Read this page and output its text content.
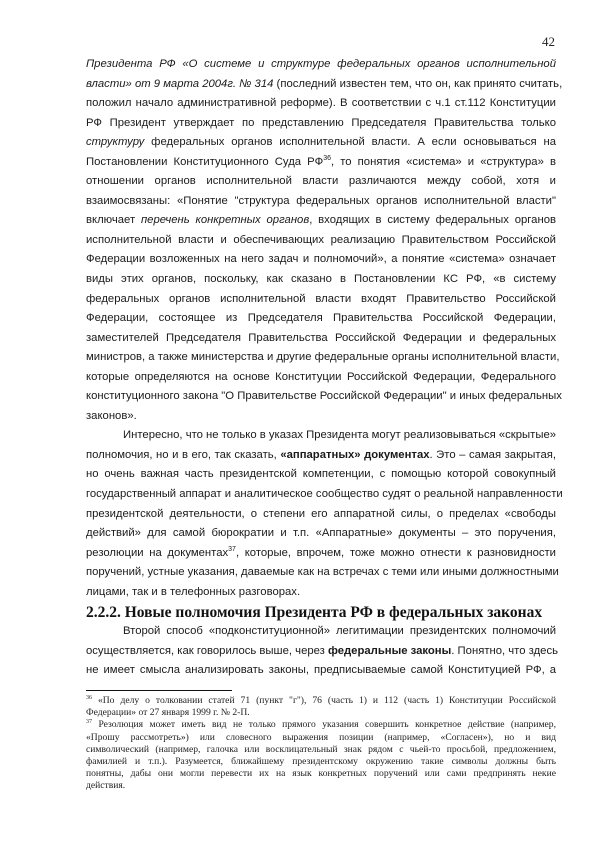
42
Президента РФ «О системе и структуре федеральных органов исполнительной
власти» от 9 марта 2004г. № 314 (последний известен тем, что он, как принято считать,
положил начало административной реформе). В соответствии с ч.1 ст.112 Конституции
РФ Президент утверждает по представлению Председателя Правительства только
структуру федеральных органов исполнительной власти. А если основываться на
Постановлении Конституционного Суда РФ$^{36}$, то понятия «система» и «структура» в
отношении органов исполнительной власти различаются между собой, хотя и
взаимосвязаны: «Понятие "структура федеральных органов исполнительной власти"
включает перечень конкретных органов, входящих в систему федеральных органов
исполнительной власти и обеспечивающих реализацию Правительством Российской
Федерации возложенных на него задач и полномочий», а понятие «система» означает
виды этих органов, поскольку, как сказано в Постановлении КС РФ, «в систему
федеральных органов исполнительной власти входят Правительство Российской
Федерации, состоящее из Председателя Правительства Российской Федерации,
заместителей Председателя Правительства Российской Федерации и федеральных
министров, а также министерства и другие федеральные органы исполнительной власти,
которые определяются на основе Конституции Российской Федерации, Федерального
конституционного закона "О Правительстве Российской Федерации" и иных федеральных
законов».
Интересно, что не только в указах Президента могут реализовываться «скрытые»
полномочия, но и в его, так сказать, «аппаратных» документах. Это – самая закрытая,
но очень важная часть президентской компетенции, с помощью которой совокупный
государственный аппарат и аналитическое сообщество судят о реальной направленности
президентской деятельности, о степени его аппаратной силы, о пределах «свободы
действий» для самой бюрократии и т.п. «Аппаратные» документы – это поручения,
резолюции на документах$^{37}$, которые, впрочем, тоже можно отнести к разновидности
поручений, устные указания, даваемые как на встречах с теми или иными должностными
лицами, так и в телефонных разговорах.
2.2.2. Новые полномочия Президента РФ в федеральных законах
Второй способ «подконституционной» легитимации президентских полномочий
осуществляется, как говорилось выше, через федеральные законы. Понятно, что здесь
не имеет смысла анализировать законы, предписываемые самой Конституцией РФ, а
$^{36}$ «По делу о толковании статей 71 (пункт "г"), 76 (часть 1) и 112 (часть 1) Конституции Российской
Федерации» от 27 января 1999 г. № 2-П.
$^{37}$ Резолюция может иметь вид не только прямого указания совершить конкретное действие (например,
«Прошу рассмотреть») или словесного выражения позиции (например, «Согласен»), но и вид
символический (например, галочка или восклицательный знак рядом с чьей-то просьбой, предложением,
фамилией и т.п.). Разумеется, ближайшему президентскому окружению такие символы должны быть
понятны, дабы они могли перевести их на язык конкретных поручений или сами предпринять некие
действия.
